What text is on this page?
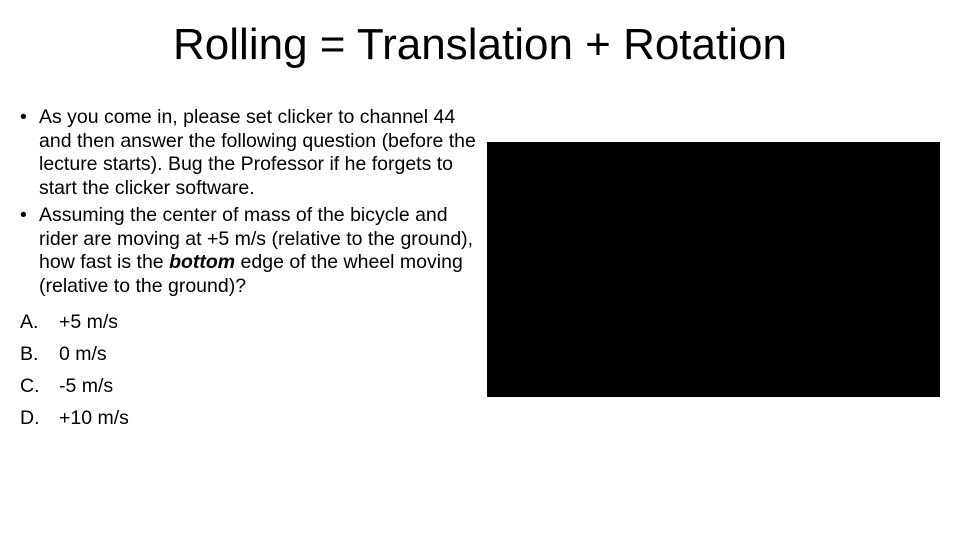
Rolling = Translation + Rotation
• As you come in, please set clicker to channel 44 and then answer the following question (before the lecture starts). Bug the Professor if he forgets to start the clicker software.
• Assuming the center of mass of the bicycle and rider are moving at +5 m/s (relative to the ground), how fast is the bottom edge of the wheel moving (relative to the ground)?
A.	+5 m/s
B.	0 m/s
C.	-5 m/s
D.	+10 m/s
